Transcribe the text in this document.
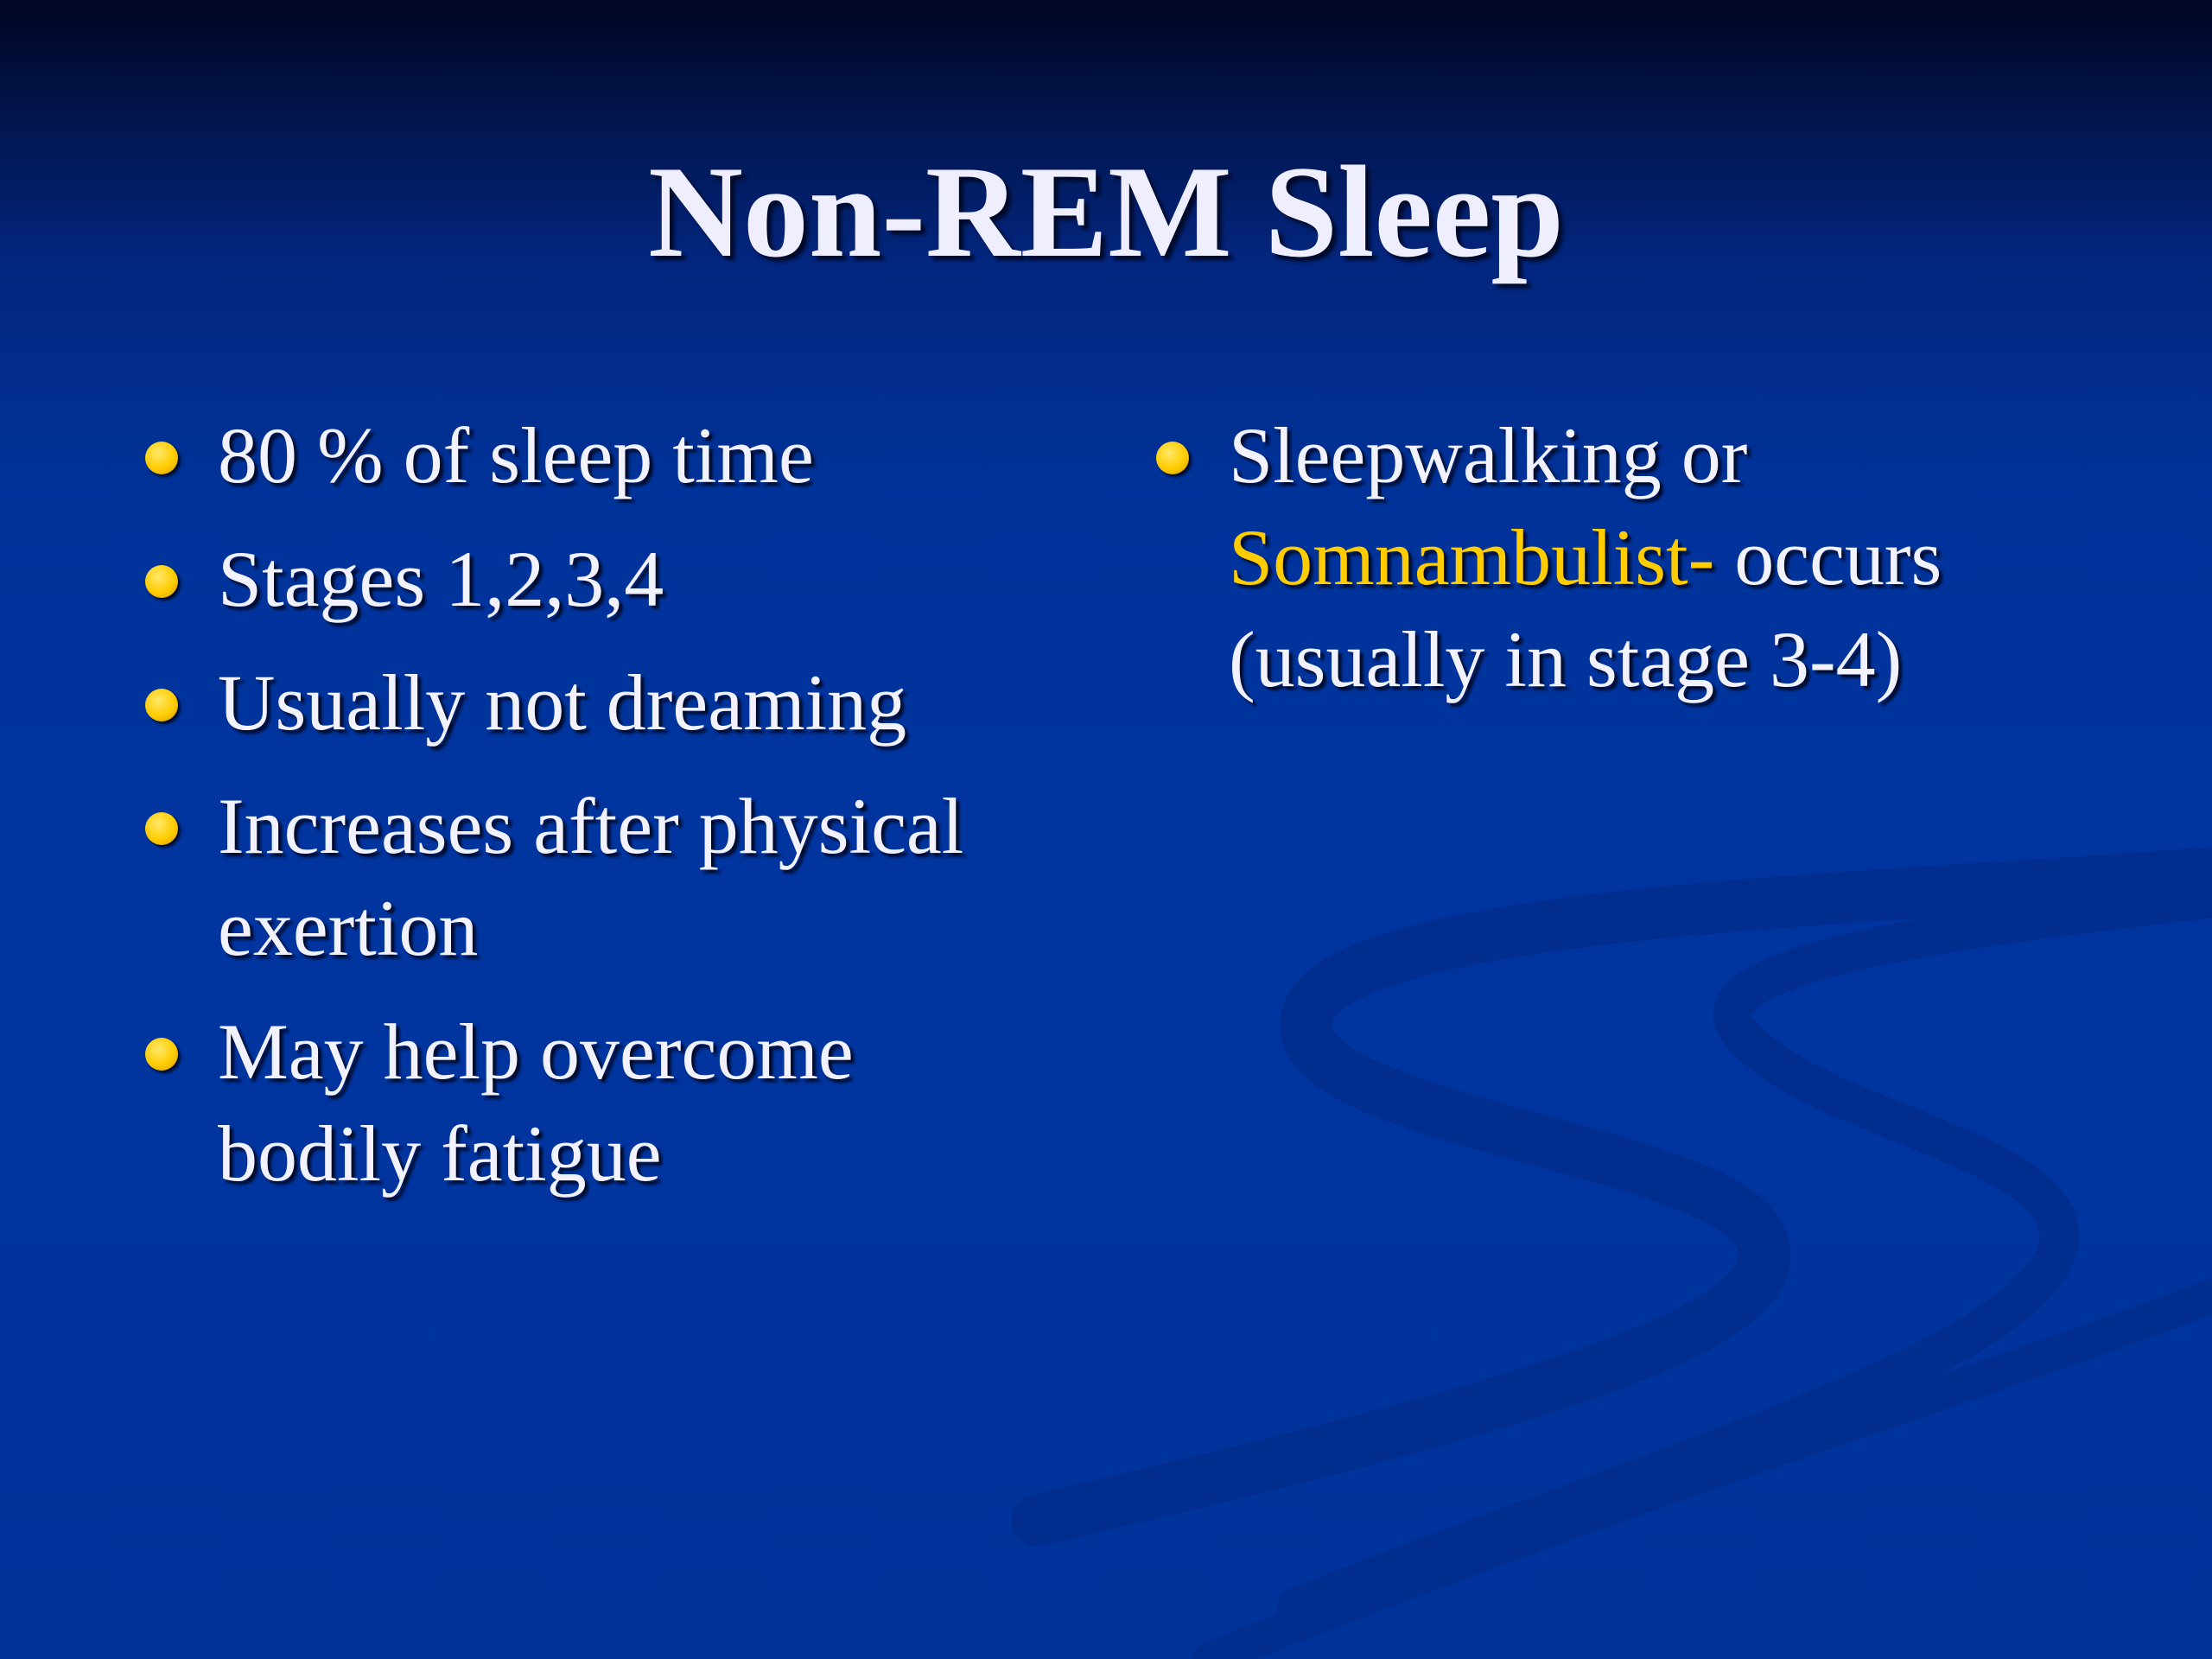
Non-REM Sleep
80 % of sleep time
Stages 1,2,3,4
Usually not dreaming
Increases after physical exertion
May help overcome bodily fatigue
Sleepwalking or Somnambulist- occurs (usually in stage 3-4)
